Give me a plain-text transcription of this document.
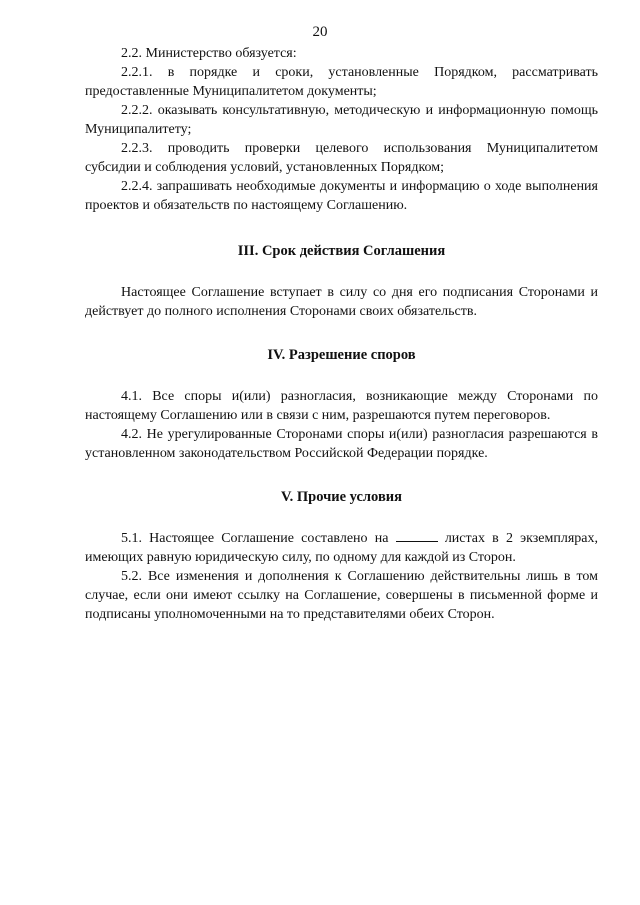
20

2.2. Министерство обязуется:

2.2.1. в порядке и сроки, установленные Порядком, рассматривать предоставленные Муниципалитетом документы;

2.2.2. оказывать консультативную, методическую и информационную помощь Муниципалитету;

2.2.3. проводить проверки целевого использования Муниципалитетом субсидии и соблюдения условий, установленных Порядком;

2.2.4. запрашивать необходимые документы и информацию о ходе выполнения проектов и обязательств по настоящему Соглашению.

III. Срок действия Соглашения

Настоящее Соглашение вступает в силу со дня его подписания Сторонами и действует до полного исполнения Сторонами своих обязательств.

IV. Разрешение споров

4.1. Все споры и(или) разногласия, возникающие между Сторонами по настоящему Соглашению или в связи с ним, разрешаются путем переговоров.

4.2. Не урегулированные Сторонами споры и(или) разногласия разрешаются в установленном законодательством Российской Федерации порядке.

V. Прочие условия

5.1. Настоящее Соглашение составлено на	листах в 2 экземплярах, имеющих равную юридическую силу, по одному для каждой из Сторон.

5.2. Все изменения и дополнения к Соглашению действительны лишь в том случае, если они имеют ссылку на Соглашение, совершены в письменной форме и подписаны уполномоченными на то представителями обеих Сторон.
